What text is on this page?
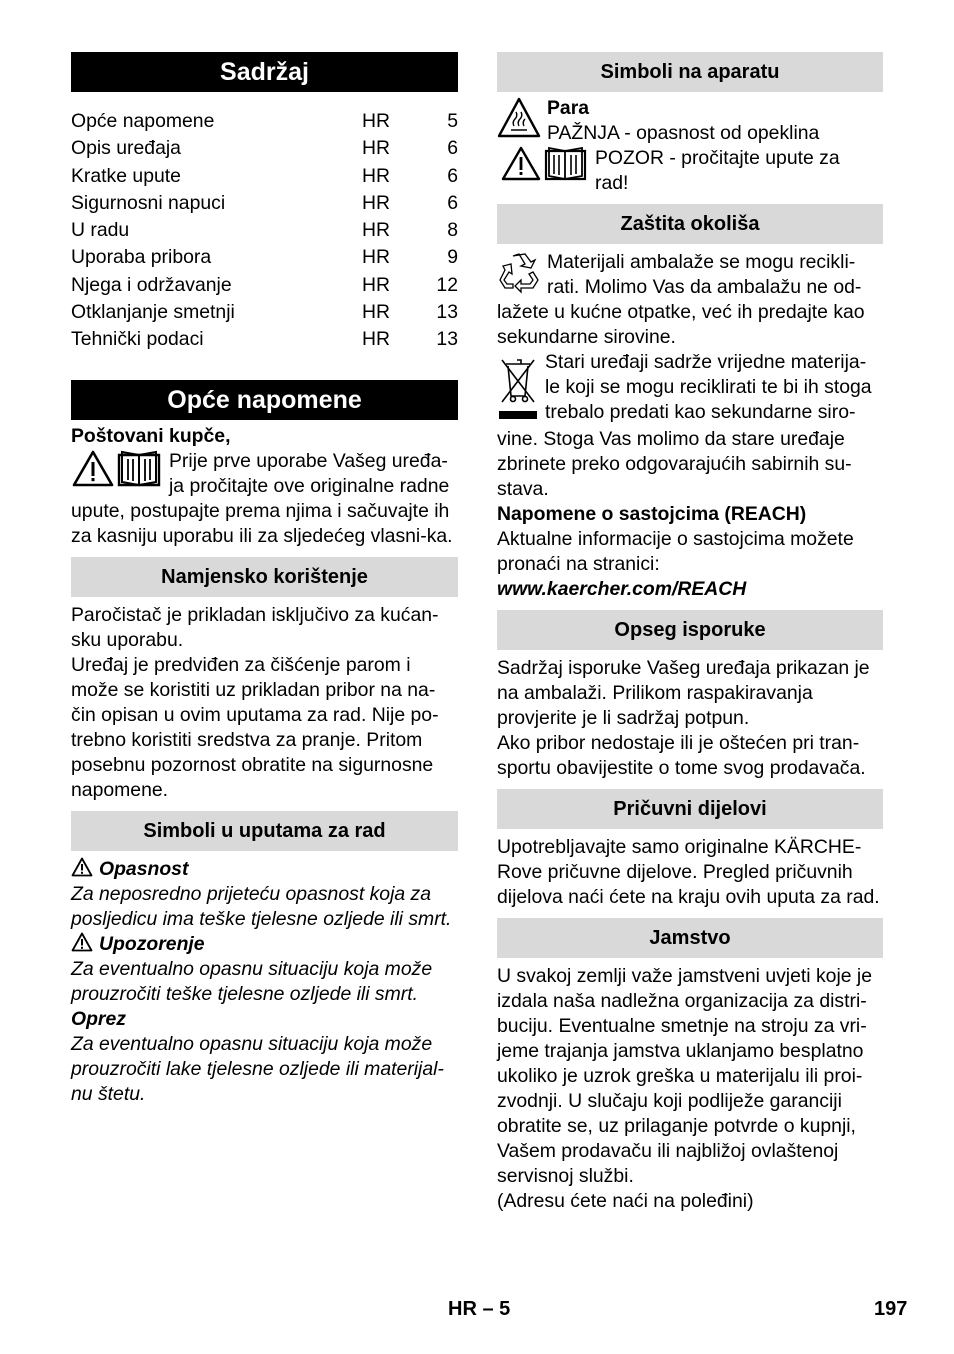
Sadržaj
Opće napomene	HR	5
Opis uređaja	HR	6
Kratke upute	HR	6
Sigurnosni napuci	HR	6
U radu	HR	8
Uporaba pribora	HR	9
Njega i održavanje	HR	12
Otklanjanje smetnji	HR	13
Tehnički podaci	HR	13
Opće napomene

Poštovani kupče,

Prije prve uporabe Vašeg uređa-

ja pročitajte ove originalne radne

upute, postupajte prema njima i sačuvajte ih za kasniju uporabu ili za sljedećeg vlasni-ka.

Namjensko korištenje

Paročistač je prikladan isključivo za kućan-sku uporabu.

Uređaj je predviđen za čišćenje parom i može se koristiti uz prikladan pribor na na-čin opisan u ovim uputama za rad. Nije po-trebno koristiti sredstva za pranje. Pritom posebnu pozornost obratite na sigurnosne napomene.

Simboli u uputama za rad

Opasnost

Za neposredno prijeteću opasnost koja za posljedicu ima teške tjelesne ozljede ili smrt.

Upozorenje

Za eventualno opasnu situaciju koja može prouzročiti teške tjelesne ozljede ili smrt.

Oprez

Za eventualno opasnu situaciju koja može prouzročiti lake tjelesne ozljede ili materijal-nu štetu.

Simboli na aparatu

Para

PAŽNJA - opasnost od opeklina

POZOR - pročitajte upute za

rad!

Zaštita okoliša

Materijali ambalaže se mogu recikli-

rati. Molimo Vas da ambalažu ne od-

lažete u kućne otpatke, već ih predajte kao sekundarne sirovine.

Stari uređaji sadrže vrijedne materija-

le koji se mogu reciklirati te bi ih stoga

trebalo predati kao sekundarne siro-

vine. Stoga Vas molimo da stare uređaje zbrinete preko odgovarajućih sabirnih su-stava.

Napomene o sastojcima (REACH)

Aktualne informacije o sastojcima možete pronaći na stranici:

www.kaercher.com/REACH

Opseg isporuke

Sadržaj isporuke Vašeg uređaja prikazan je na ambalaži. Prilikom raspakiravanja provjerite je li sadržaj potpun.

Ako pribor nedostaje ili je oštećen pri tran-sportu obavijestite o tome svog prodavača.

Pričuvni dijelovi

Upotrebljavajte samo originalne KÄRCHE-Rove pričuvne dijelove. Pregled pričuvnih dijelova naći ćete na kraju ovih uputa za rad.

Jamstvo

U svakoj zemlji važe jamstveni uvjeti koje je izdala naša nadležna organizacija za distri-buciju. Eventualne smetnje na stroju za vri-jeme trajanja jamstva uklanjamo besplatno ukoliko je uzrok greška u materijalu ili proi-zvodnji. U slučaju koji podliježe garanciji obratite se, uz prilaganje potvrde o kupnji, Vašem prodavaču ili najbližoj ovlaštenoj servisnoj službi.

(Adresu ćete naći na poleđini)

HR – 5	197
